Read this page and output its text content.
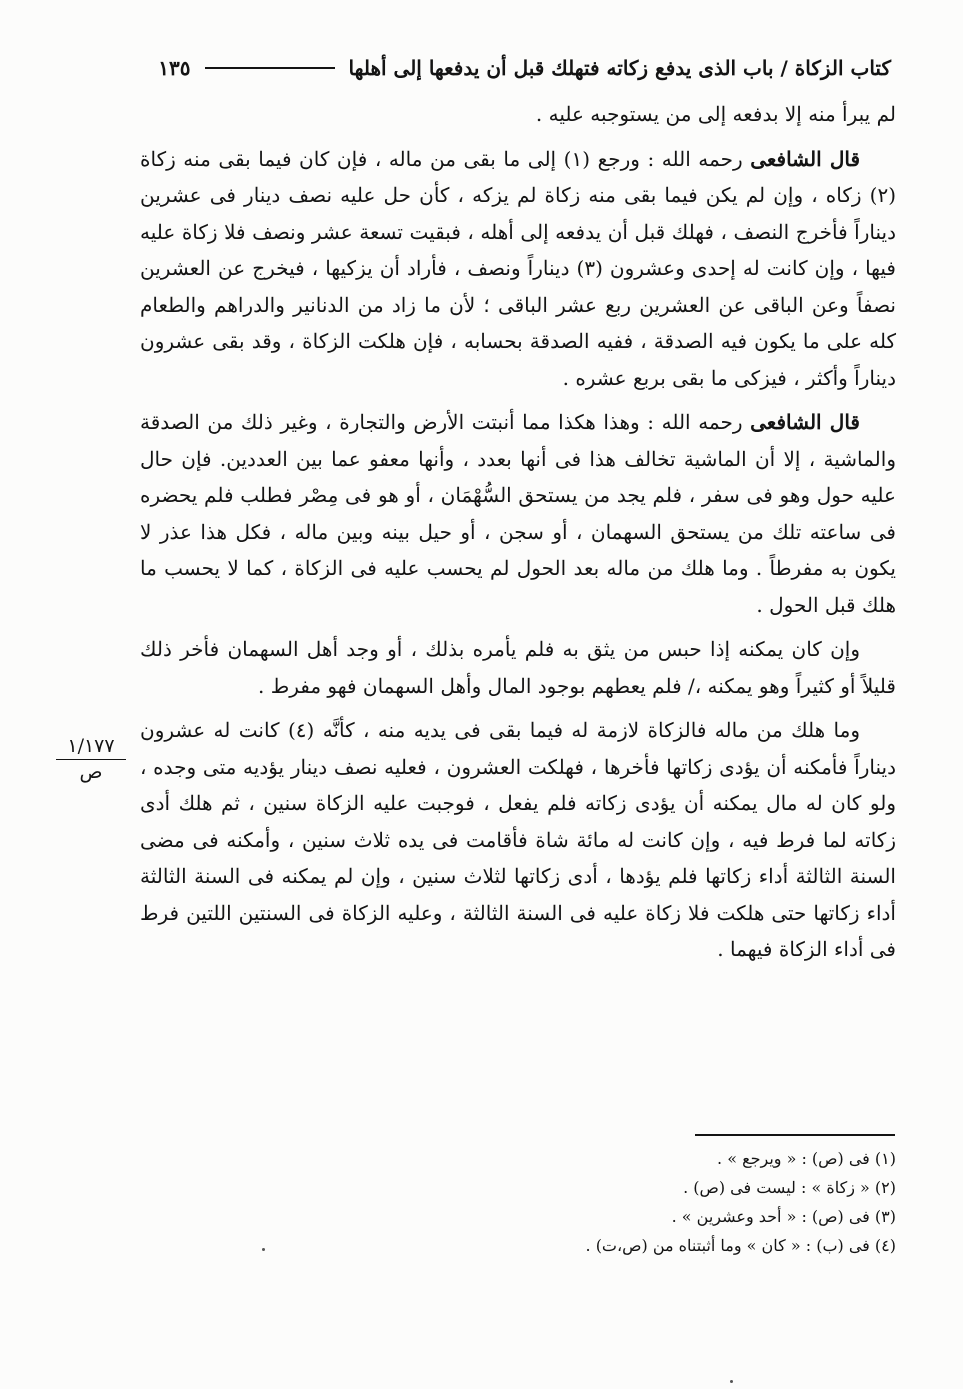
كتاب الزكاة / باب الذى يدفع زكاته فتهلك قبل أن يدفعها إلى أهلها
١٣٥

لم يبرأ منه إلا بدفعه إلى من يستوجبه عليه .

قال الشافعى رحمه الله : ورجع (١) إلى ما بقى من ماله ، فإن كان فيما بقى منه زكاة (٢) زكاه ، وإن لم يكن فيما بقى منه زكاة لم يزكه ، كأن حل عليه نصف دينار فى عشرين ديناراً فأخرج النصف ، فهلك قبل أن يدفعه إلى أهله ، فبقيت تسعة عشر ونصف فلا زكاة عليه فيها ، وإن كانت له إحدى وعشرون (٣) ديناراً ونصف ، فأراد أن يزكيها ، فيخرج عن العشرين نصفاً وعن الباقى عن العشرين ربع عشر الباقى ؛ لأن ما زاد من الدنانير والدراهم والطعام كله على ما يكون فيه الصدقة ، ففيه الصدقة بحسابه ، فإن هلكت الزكاة ، وقد بقى عشرون ديناراً وأكثر ، فيزكى ما بقى بربع عشره .

قال الشافعى رحمه الله : وهذا هكذا مما أنبتت الأرض والتجارة ، وغير ذلك من الصدقة والماشية ، إلا أن الماشية تخالف هذا فى أنها بعدد ، وأنها معفو عما بين العددين. فإن حال عليه حول وهو فى سفر ، فلم يجد من يستحق السُّهْمَان ، أو هو فى مِصْر فطلب فلم يحضره فى ساعته تلك من يستحق السهمان ، أو سجن ، أو حيل بينه وبين ماله ، فكل هذا عذر لا يكون به مفرطاً . وما هلك من ماله بعد الحول لم يحسب عليه فى الزكاة ، كما لا يحسب ما هلك قبل الحول .

وإن كان يمكنه إذا حبس من يثق به فلم يأمره بذلك ، أو وجد أهل السهمان فأخر ذلك قليلاً أو كثيراً وهو يمكنه ،/ فلم يعطهم بوجود المال وأهل السهمان فهو مفرط .

وما هلك من ماله فالزكاة لازمة له فيما بقى فى يديه منه ، كأنَّه (٤) كانت له عشرون ديناراً فأمكنه أن يؤدى زكاتها فأخرها ، فهلكت العشرون ، فعليه نصف دينار يؤديه متى وجده ، ولو كان له مال يمكنه أن يؤدى زكاته فلم يفعل ، فوجبت عليه الزكاة سنين ، ثم هلك أدى زكاته لما فرط فيه ، وإن كانت له مائة شاة فأقامت فى يده ثلاث سنين ، وأمكنه فى مضى السنة الثالثة أداء زكاتها فلم يؤدها ، أدى زكاتها لثلاث سنين ، وإن لم يمكنه فى السنة الثالثة أداء زكاتها حتى هلكت فلا زكاة عليه فى السنة الثالثة ، وعليه الزكاة فى السنتين اللتين فرط فى أداء الزكاة فيهما .

١/١٧٧
ص
(١) فى (ص) : « ويرجع » .
(٢) « زكاة » : ليست فى (ص) .
(٣) فى (ص) : « أحد وعشرين » .
(٤) فى (ب) : « كان » وما أثبتناه من (ص،ت) .
